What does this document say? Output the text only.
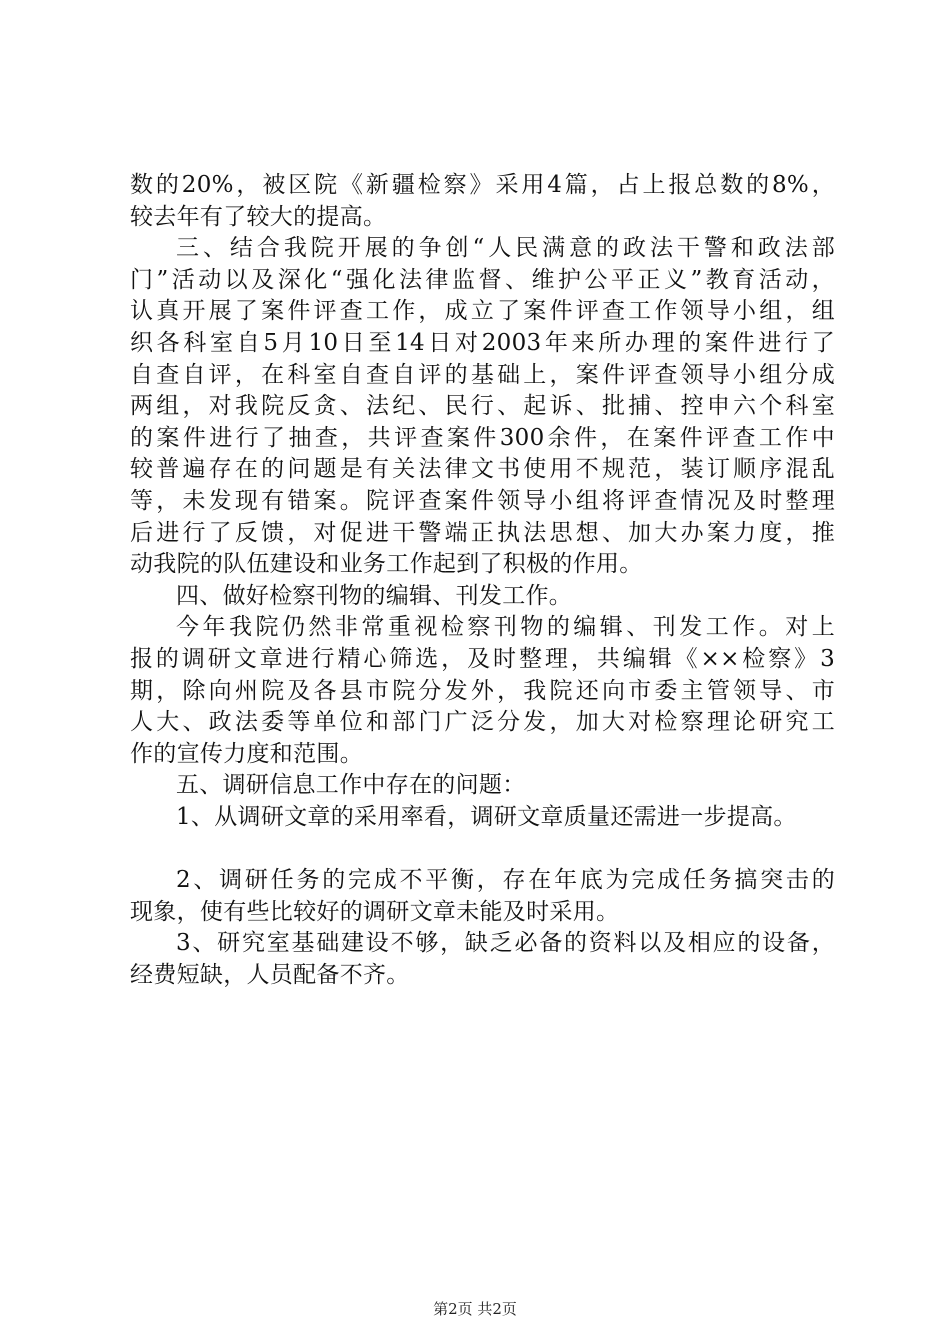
数的20%，被区院《新疆检察》采用4篇，占上报总数的8%，
较去年有了较大的提高。
三、结合我院开展的争创“人民满意的政法干警和政法部
门”活动以及深化“强化法律监督、维护公平正义”教育活动，
认真开展了案件评查工作，成立了案件评查工作领导小组，组
织各科室自5月10日至14日对2003年来所办理的案件进行了
自查自评，在科室自查自评的基础上，案件评查领导小组分成
两组，对我院反贪、法纪、民行、起诉、批捕、控申六个科室
的案件进行了抽查，共评查案件300余件，在案件评查工作中
较普遍存在的问题是有关法律文书使用不规范，装订顺序混乱
等，未发现有错案。院评查案件领导小组将评查情况及时整理
后进行了反馈，对促进干警端正执法思想、加大办案力度，推
动我院的队伍建设和业务工作起到了积极的作用。
四、做好检察刊物的编辑、刊发工作。
今年我院仍然非常重视检察刊物的编辑、刊发工作。对上
报的调研文章进行精心筛选，及时整理，共编辑《××检察》3
期，除向州院及各县市院分发外，我院还向市委主管领导、市
人大、政法委等单位和部门广泛分发，加大对检察理论研究工
作的宣传力度和范围。
五、调研信息工作中存在的问题：
1、从调研文章的采用率看，调研文章质量还需进一步提高。
2、调研任务的完成不平衡，存在年底为完成任务搞突击的
现象，使有些比较好的调研文章未能及时采用。
3、研究室基础建设不够，缺乏必备的资料以及相应的设备，
经费短缺，人员配备不齐。
第2页 共2页
